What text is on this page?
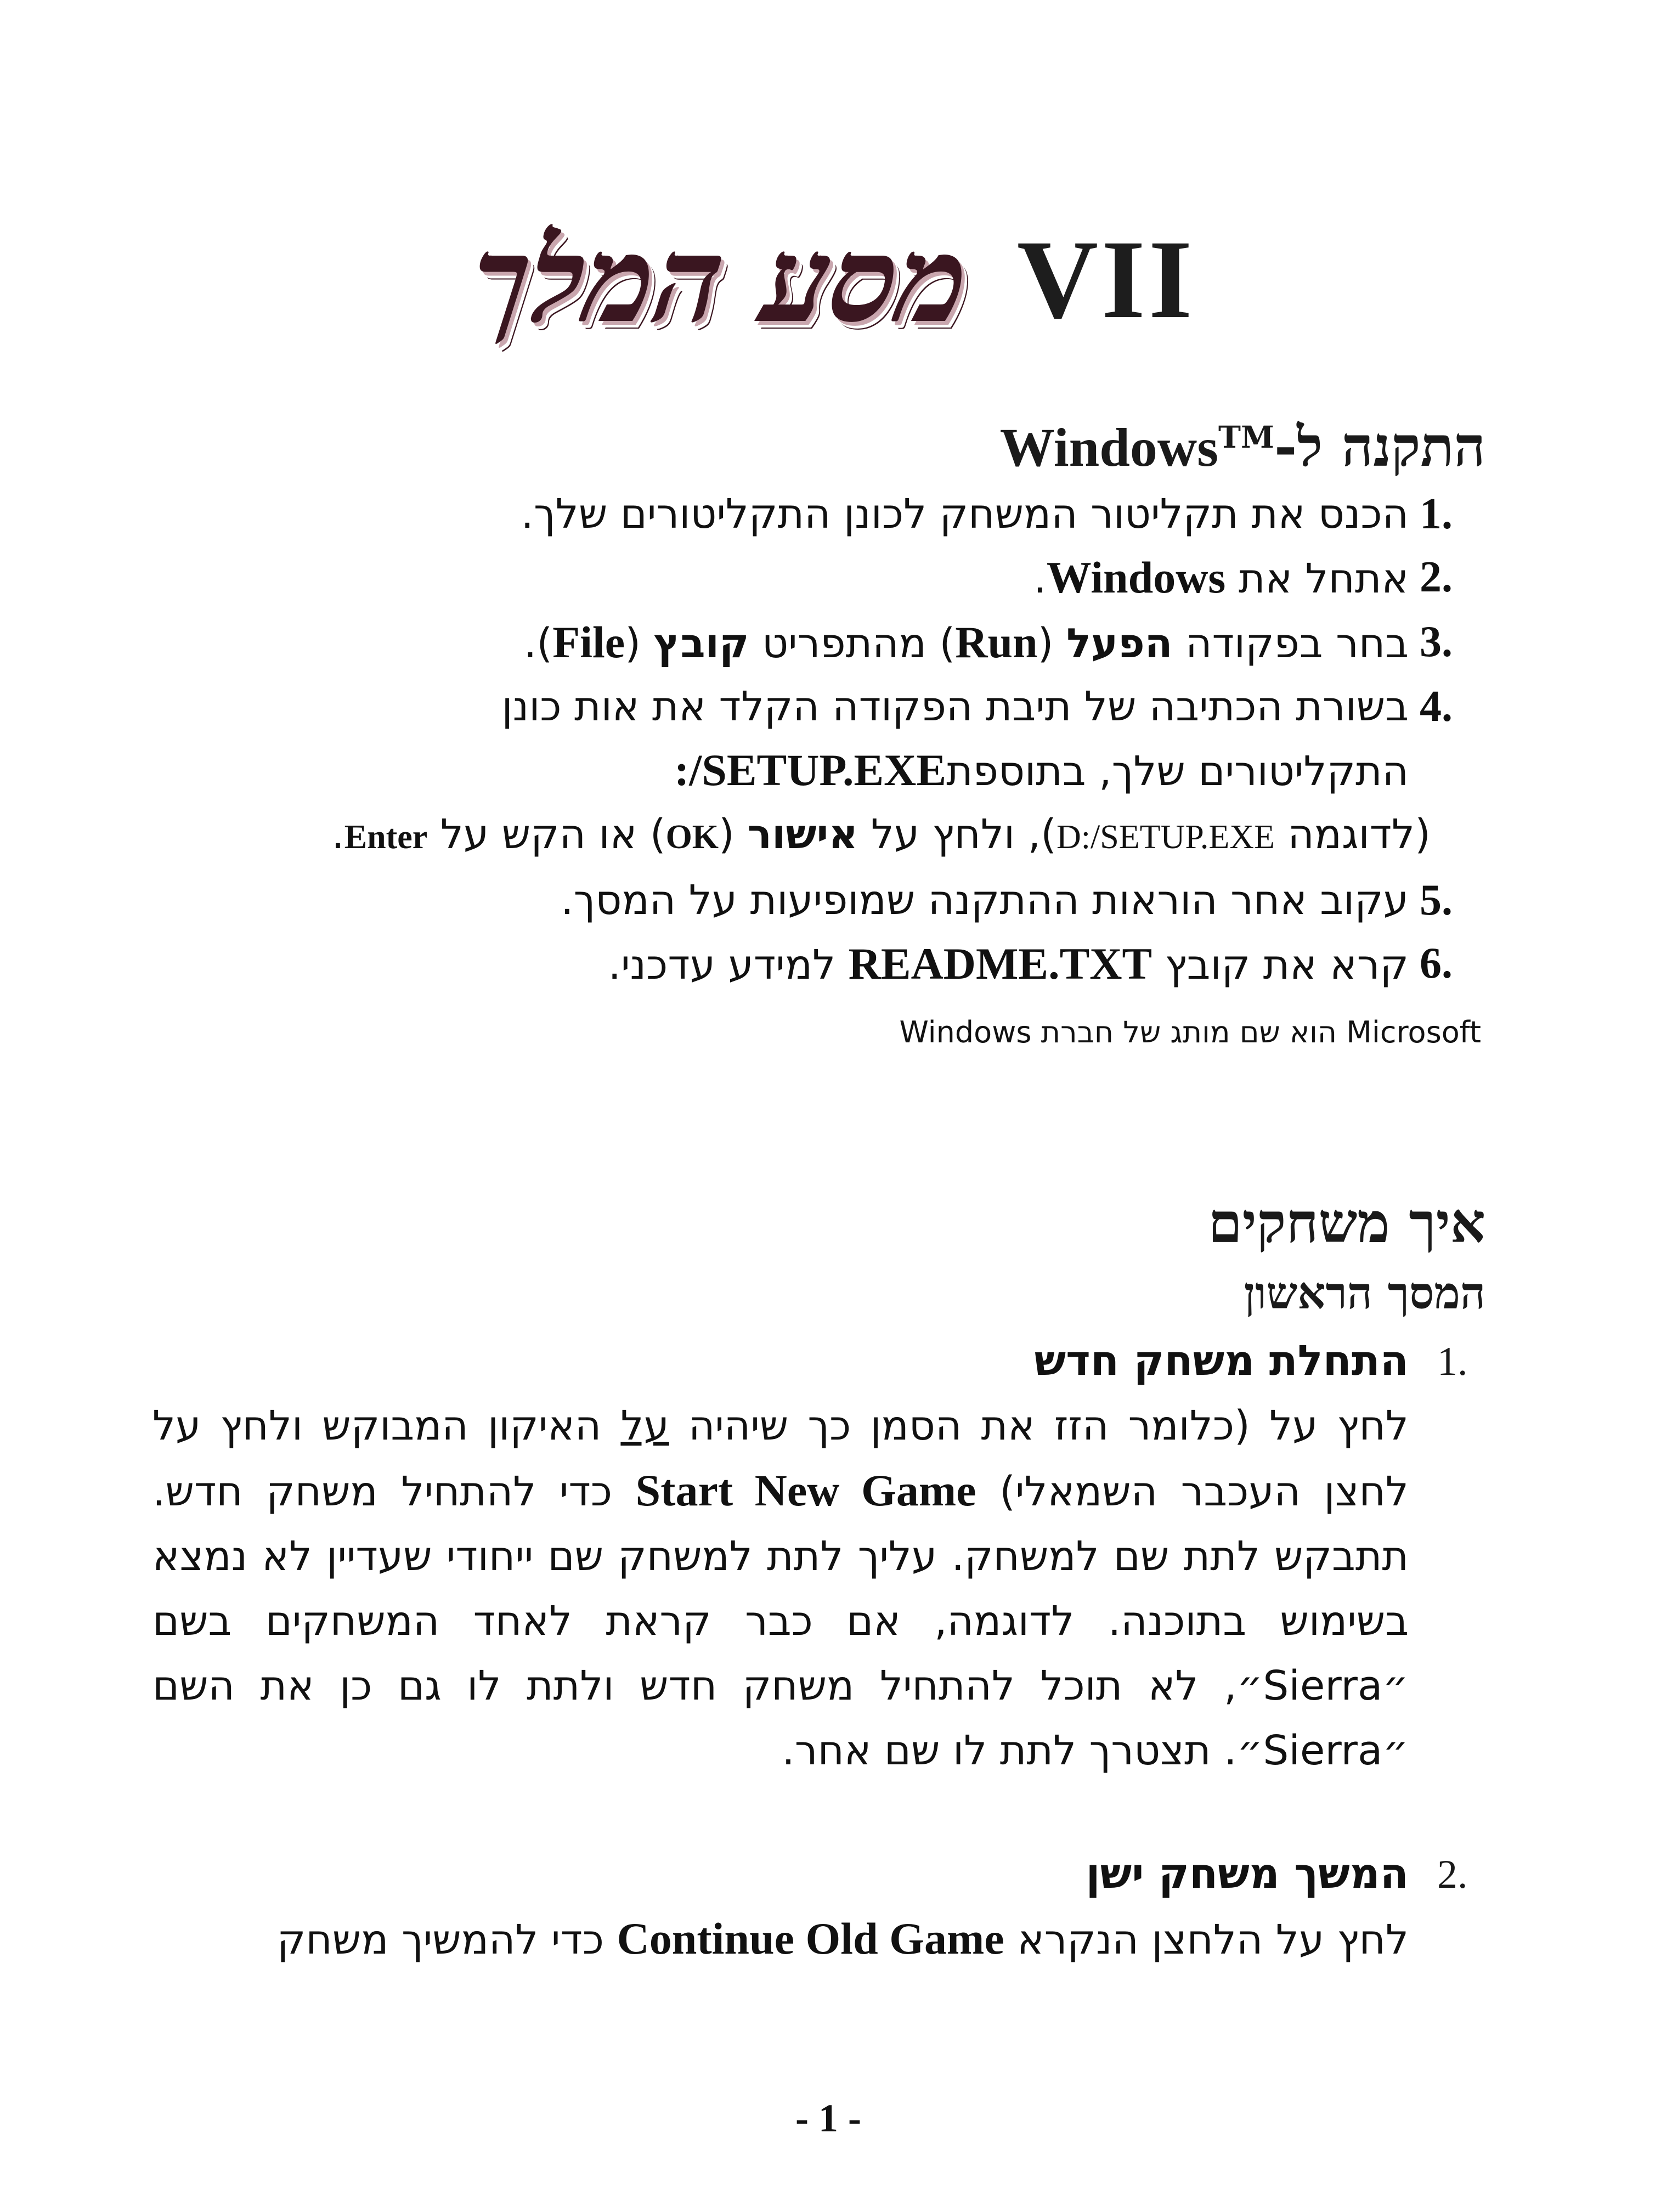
מסע המלך VII
התקנה ל-Windows™
1.
הכנס את תקליטור המשחק לכונן התקליטורים שלך.
2.
אתחל את Windows.
3.
בחר בפקודה הפעל (Run) מהתפריט קובץ (File).
4.
בשורת הכתיבה של תיבת הפקודה הקלד את אות כונן
התקליטורים שלך, בתוספת:/SETUP.EXE
(לדוגמה D:/SETUP.EXE), ולחץ על אישור (OK) או הקש על Enter.
5.
עקוב אחר הוראות ההתקנה שמופיעות על המסך.
6.
קרא את קובץ README.TXT למידע עדכני.
Windows הוא שם מותג של חברת Microsoft
איך משחקים
המסך הראשון
התחלת משחק חדש 1.
לחץ על (כלומר הזז את הסמן כך שיהיה על האיקון המבוקש ולחץ על לחצן העכבר השמאלי) Start New Game כדי להתחיל משחק חדש. תתבקש לתת שם למשחק. עליך לתת למשחק שם ייחודי שעדיין לא נמצא בשימוש בתוכנה. לדוגמה, אם כבר קראת לאחד המשחקים בשם ״Sierra״, לא תוכל להתחיל משחק חדש ולתת לו גם כן את השם ״Sierra״. תצטרך לתת לו שם אחר.
המשך משחק ישן 2.
לחץ על הלחצן הנקרא Continue Old Game כדי להמשיך משחק
- 1 -
